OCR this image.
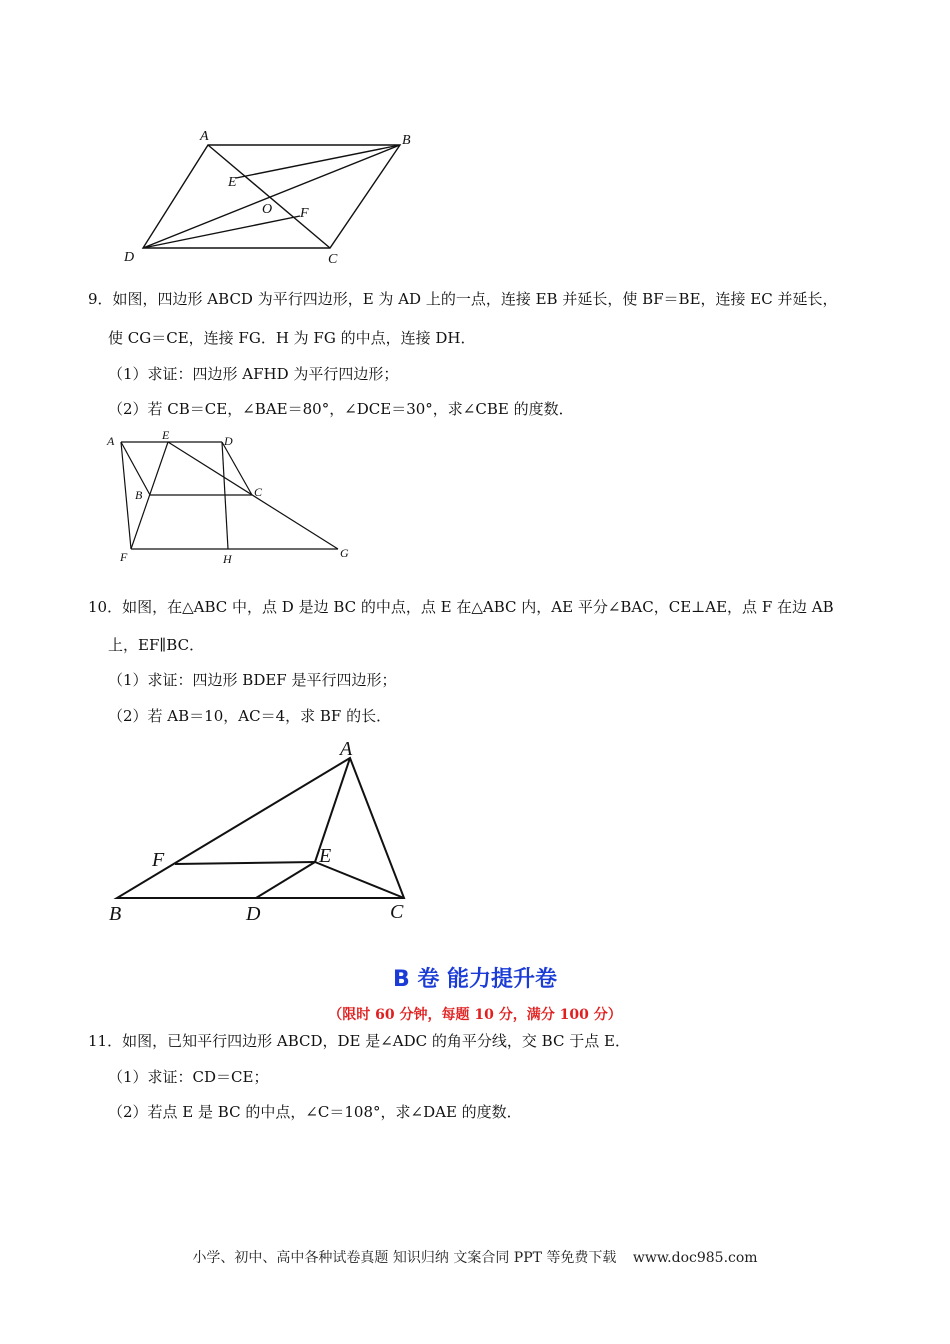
A	B
E
O F
D	C
9．如图，四边形 ABCD 为平行四边形，E 为 AD 上的一点，连接 EB 并延长，使 BF＝BE，连接 EC 并延长，
使 CG＝CE，连接 FG．H 为 FG 的中点，连接 DH．
（1）求证：四边形 AFHD 为平行四边形；
（2）若 CB＝CE，∠BAE＝80°，∠DCE＝30°，求∠CBE 的度数．
A	E	D
B	C
F	H	G
10．如图，在△ABC 中，点 D 是边 BC 的中点，点 E 在△ABC 内，AE 平分∠BAC，CE⊥AE，点 F 在边 AB
上，EF∥BC．
（1）求证：四边形 BDEF 是平行四边形；
（2）若 AB＝10，AC＝4，求 BF 的长．
A
F	E
B	D	C
B 卷 能力提升卷
（限时 60 分钟，每题 10 分，满分 100 分）
11．如图，已知平行四边形 ABCD，DE 是∠ADC 的角平分线，交 BC 于点 E．
（1）求证：CD＝CE；
（2）若点 E 是 BC 的中点，∠C＝108°，求∠DAE 的度数．
小学、初中、高中各种试卷真题 知识归纳 文案合同 PPT 等免费下载 www.doc985.com
